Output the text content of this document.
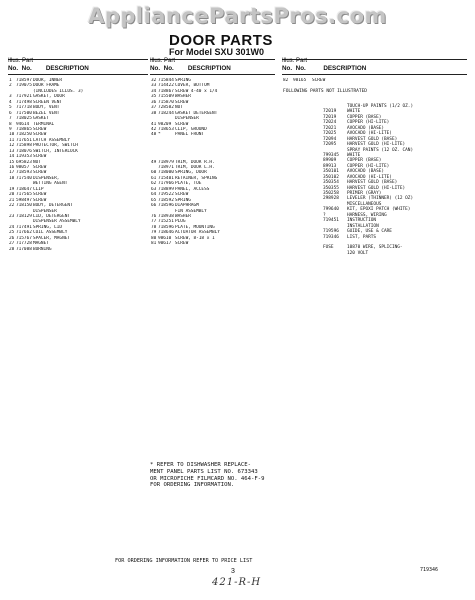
AppliancePartsPros.com
DOOR PARTS
For Model SXU 301W0
Illus. Part
No. No. DESCRIPTION
Illus. Part
No. No. DESCRIPTION
Illus. Part
No. No.	DESCRIPTION
1 718597 DOOR, INNER
2 719075 DOOR FRAME
(INCLUDES ILLUS. 3)
3 717921 GASKET, DOOR
4 717498 SCREEN VENT
5 717718 BODY, VENT
6 717500 BEZEL VENT
7 718025 GASKET
8 94614 TERMINAL
9 718865 SCREW
10 718250 SCREW
11 717651 LATCH ASSEMBLY
12 715898 PROTECTOR, SWITCH
13 718076 SWITCH, INTERLOCK
14 119353 SCREW
15 695823 NUT
16 98057 SCREW
17 718593 SCREW
18 717540 DISPENSER,
WETTING AGENT
19 718647 CLIP
20 717565 SCREW
21 598497 SCREW
22 718150 BODY, DETERGENT
DISPENSER
23 718129 LID, DETERGENT
DISPENSER ASSEMBLY
24 717491 SPRING, LID
25 717662 COIL ASSEMBLY
26 715767 SPACER, MAGNET
27 717728 MAGNET
28 717088 BURNING
32 715844 SPRING
33 714422 COVER, BOTTOM
34 718867 SCREW 4-40 x 1/4
35 715509 WASHER
36 715870 SCREW
37 728582 NUT
38 718244 GASKET DETERGENT
DISPENSER
41 98209 SCREW
42 718653 CLIP, GROUND
48 *	PANEL FRONT
49 718979 TRIM, DOOR R.H.
718971 TRIM, DOOR L.H.
60 718000 SPRING, DOOR
61 715401 RETAINER, SPRING
62 717966 PLATE, TOE
63 718899 PANEL, ACCESS
64 719522 SCREW
65 718592 SPRING
66 718596 DIAPHRAGM
FIN ASSEMBLY
76 718938 WASHER
77 715251 PLUG
78 718596 PLATE, MOUNTING
79 718646 ACTUATOR ASSEMBLY
80 98610 SCREW, 8-18 x 1
81 90617 SCREW
82 98165 SCREW
FOLLOWING PARTS NOT ILLUSTRATED
TOUCH-UP PAINTS (1/2 OZ.)
72019 WHITE
72019 COPPER (BASE)
72024 COPPER (HI-LITE)
72021 AVOCADO (BASE)
72025 AVOCADO (HI-LITE)
72094 HARVEST GOLD (BASE)
72095 HARVEST GOLD (HI-LITE)
SPRAY PAINTS (12 OZ. CAN)
799345 WHITE
89909 COPPER (BASE)
89913 COPPER (HI-LITE)
350101 AVOCADO (BASE)
350102 AVOCADO (HI-LITE)
350354 HARVEST GOLD (BASE)
350355 HARVEST GOLD (HI-LITE)
350258 PRIMER (GRAY)
298928 LEVELER (THINNER) (12 OZ)
MISCELLANEOUS
799640 KIT, EPOXI PATCH (WHITE)
?	HARNESS, WIRING
719451 INSTRUCTION
INSTALLATION
719596 GUIDE, USE & CARE
719346 LIST, PARTS
FUSE	10870 WIRE, SPLICING-
120 VOLT
* REFER TO DISHWASHER REPLACE-
MENT PANEL PARTS LIST NO. 673343
OR MICROFICHE FILMCARD NO. 464-F-9
FOR ORDERING INFORMATION.
FOR ORDERING INFORMATION REFER TO PRICE LIST
3	719346
421-R-H
